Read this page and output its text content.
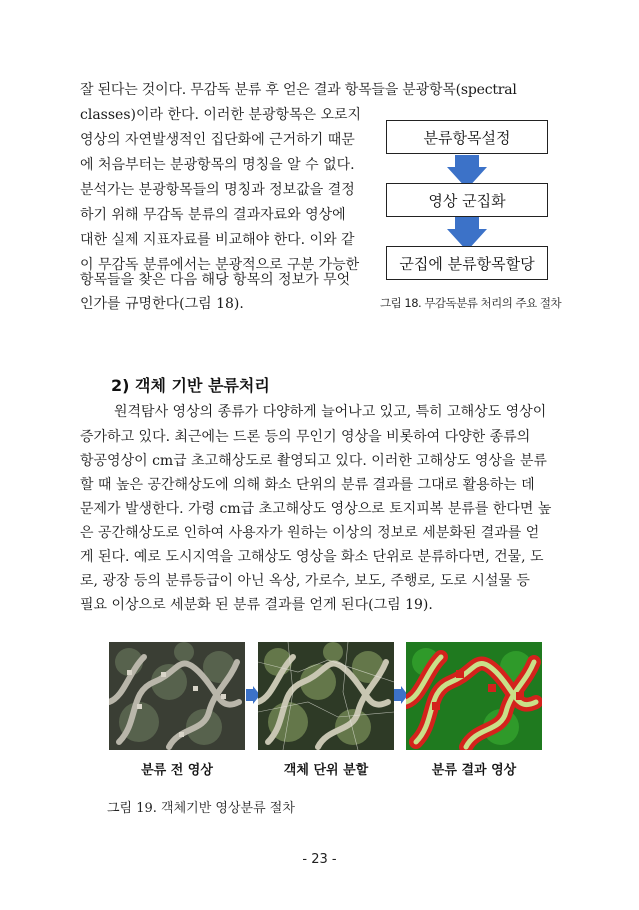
잘 된다는 것이다. 무감독 분류 후 얻은 결과 항목들을 분광항목(spectral
classes)이라 한다. 이러한 분광항목은 오로지
영상의 자연발생적인 집단화에 근거하기 때문
에 처음부터는 분광항목의 명칭을 알 수 없다.
분석가는 분광항목들의 명칭과 정보값을 결정
하기 위해 무감독 분류의 결과자료와 영상에
대한 실제 지표자료를 비교해야 한다. 이와 같
이 무감독 분류에서는 분광적으로 구분 가능한
항목들을 찾은 다음 해당 항목의 정보가 무엇
인가를 규명한다(그림 18).
분류항목설정
영상 군집화
군집에 분류항목할당
그림 18. 무감독분류 처리의 주요 절차
2) 객체 기반 분류처리
원격탐사 영상의 종류가 다양하게 늘어나고 있고, 특히 고해상도 영상이
증가하고 있다. 최근에는 드론 등의 무인기 영상을 비롯하여 다양한 종류의
항공영상이 cm급 초고해상도로 촬영되고 있다. 이러한 고해상도 영상을 분류
할 때 높은 공간해상도에 의해 화소 단위의 분류 결과를 그대로 활용하는 데
문제가 발생한다. 가령 cm급 초고해상도 영상으로 토지피복 분류를 한다면 높
은 공간해상도로 인하여 사용자가 원하는 이상의 정보로 세분화된 결과를 얻
게 된다. 예로 도시지역을 고해상도 영상을 화소 단위로 분류하다면, 건물, 도
로, 광장 등의 분류등급이 아닌 옥상, 가로수, 보도, 주행로, 도로 시설물 등
필요 이상으로 세분화 된 분류 결과를 얻게 된다(그림 19).
분류 전 영상	객체 단위 분할	분류 결과 영상
그림 19. 객체기반 영상분류 절차
- 23 -
